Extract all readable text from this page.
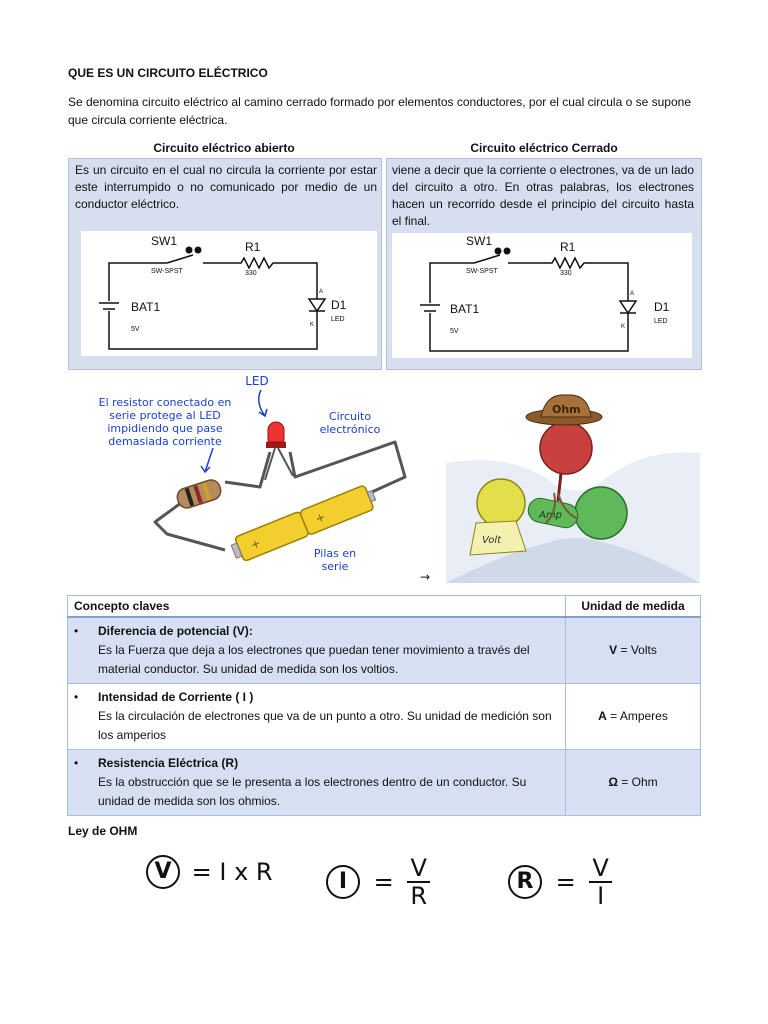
QUE ES UN CIRCUITO ELÉCTRICO
Se denomina circuito eléctrico al camino cerrado formado por elementos conductores, por el cual circula o se supone que circula corriente eléctrica.
Circuito eléctrico abierto	Circuito eléctrico Cerrado
Es un circuito en el cual no circula la corriente por estar este interrumpido o no comunicado por medio de un conductor eléctrico.
SW1
SW-SPST
R1
330
BAT1
5V
D1
LED
A
K
viene a decir que la corriente o electrones, va de un lado del circuito a otro. En otras palabras, los electrones hacen un recorrido desde el principio del circuito hasta el final.
SW1
SW-SPST
R1
330
BAT1
5V
D1
LED
A
K
+
+
El resistor conectado en serie protege al LED impidiendo que pase demasiada corriente
LED
Circuito electrónico
Pilas en serie
→
Ohm
Volt
Amp
Concepto claves	Unidad de medida
• Diferencia de potencial (V):
Es la Fuerza que deja a los electrones que puedan tener movimiento a través del material conductor. Su unidad de medida son los voltios.	V = Volts
• Intensidad de Corriente ( I )
Es la circulación de electrones que va de un punto a otro. Su unidad de medición son los amperios	A = Amperes
• Resistencia Eléctrica (R)
Es la obstrucción que se le presenta a los electrones dentro de un conductor. Su unidad de medida son los ohmios.	Ω = Ohm
Ley de OHM
V = I x R	$I = \frac{V}{R}$	$R = \frac{V}{I}$
